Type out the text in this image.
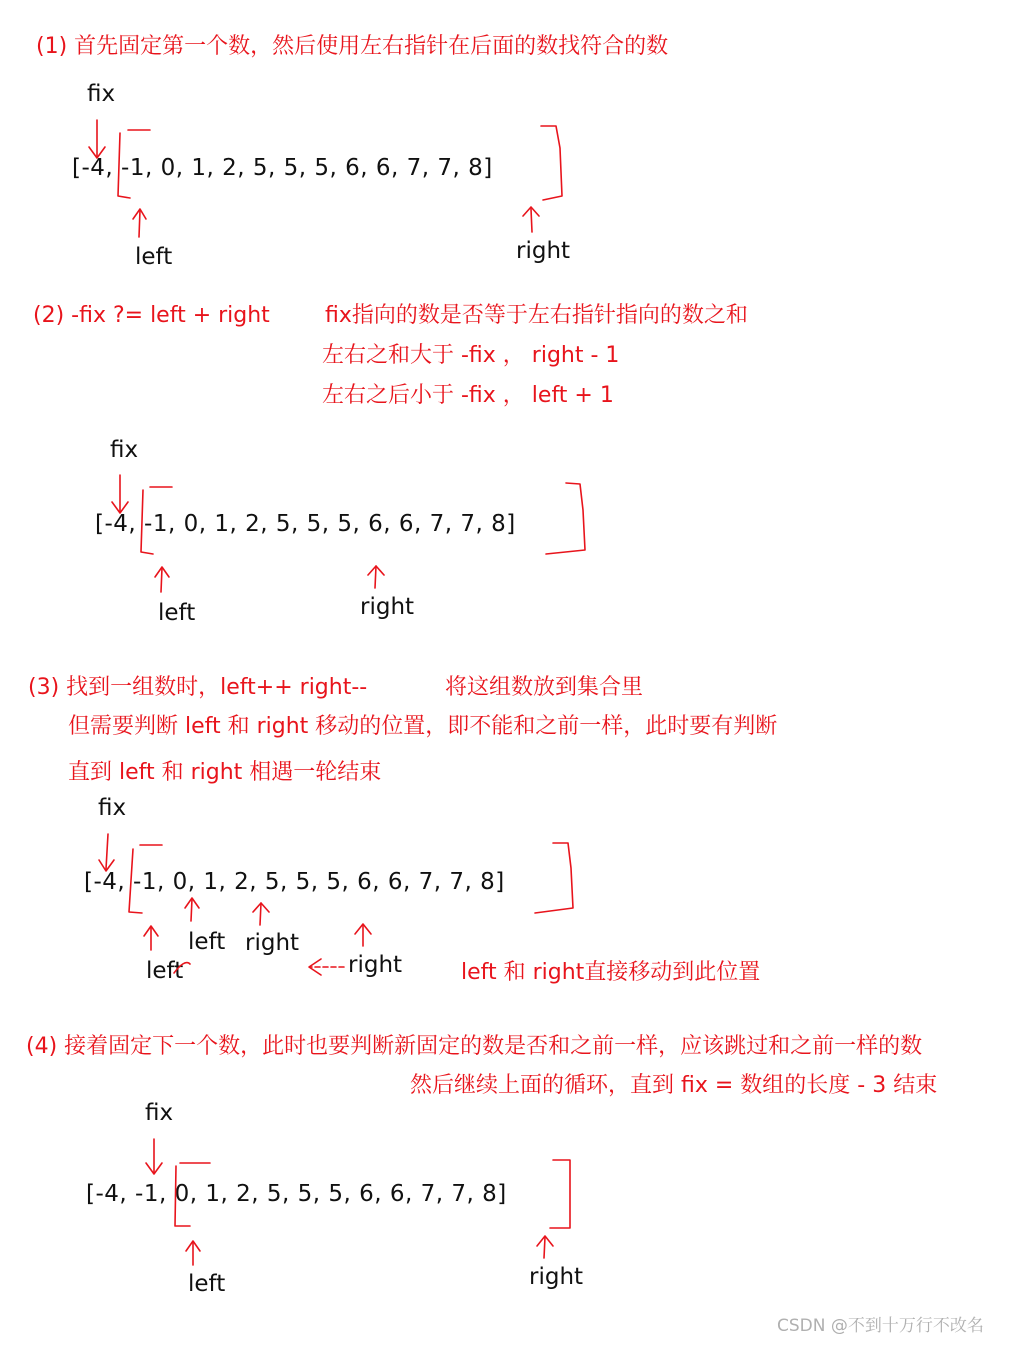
(1) 首先固定第一个数，然后使用左右指针在后面的数找符合的数
fix
[-4, -1, 0, 1, 2, 5, 5, 5, 6, 6, 7, 7, 8]
left	right
(2) -fix ?= left + right	fix指向的数是否等于左右指针指向的数之和
左右之和大于 -fix ， right - 1
左右之后小于 -fix ， left + 1
fix
[-4, -1, 0, 1, 2, 5, 5, 5, 6, 6, 7, 7, 8]
left	right
(3) 找到一组数时，left++ right--	将这组数放到集合里
但需要判断 left 和 right 移动的位置，即不能和之前一样，此时要有判断
直到 left 和 right 相遇一轮结束
fix
[-4, -1, 0, 1, 2, 5, 5, 5, 6, 6, 7, 7, 8]
left
left
right
right	left 和 right直接移动到此位置
(4) 接着固定下一个数，此时也要判断新固定的数是否和之前一样，应该跳过和之前一样的数
然后继续上面的循环，直到 fix = 数组的长度 - 3 结束
fix
[-4, -1, 0, 1, 2, 5, 5, 5, 6, 6, 7, 7, 8]
left	right
CSDN @不到十万行不改名
